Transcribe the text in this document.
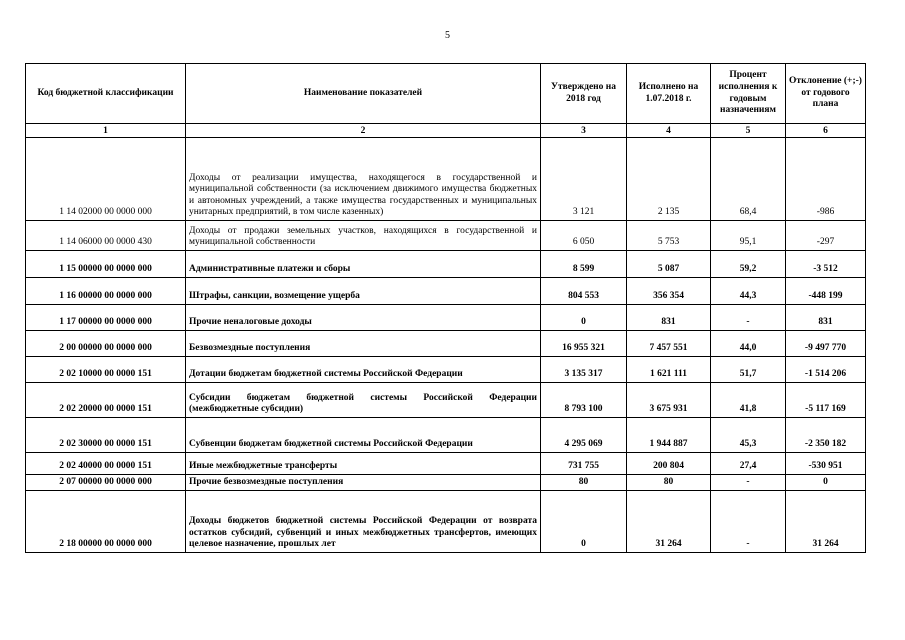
5
Код бюджетной классификации	Наименование показателей	Утверждено на 2018 год	Исполнено на 1.07.2018 г.	Процент исполнения к годовым назначениям	Отклонение (+;-) от годового плана
1	2	3	4	5	6
1 14 02000 00 0000 000	Доходы от реализации имущества, находящегося в государственной и муниципальной собственности (за исключением движимого имущества бюджетных и автономных учреждений, а также имущества государственных и муниципальных унитарных предприятий, в том числе казенных)	3 121	2 135	68,4	-986
1 14 06000 00 0000 430	Доходы от продажи земельных участков, находящихся в государственной и муниципальной собственности	6 050	5 753	95,1	-297
1 15 00000 00 0000 000	Административные платежи и сборы	8 599	5 087	59,2	-3 512
1 16 00000 00 0000 000	Штрафы, санкции, возмещение ущерба	804 553	356 354	44,3	-448 199
1 17 00000 00 0000 000	Прочие неналоговые доходы	0	831	-	831
2 00 00000 00 0000 000	Безвозмездные поступления	16 955 321	7 457 551	44,0	-9 497 770
2 02 10000 00 0000 151	Дотации бюджетам бюджетной системы Российской Федерации	3 135 317	1 621 111	51,7	-1 514 206
2 02 20000 00 0000 151	Субсидии бюджетам бюджетной системы Российской Федерации (межбюджетные субсидии)	8 793 100	3 675 931	41,8	-5 117 169
2 02 30000 00 0000 151	Субвенции бюджетам бюджетной системы Российской Федерации	4 295 069	1 944 887	45,3	-2 350 182
2 02 40000 00 0000 151	Иные межбюджетные трансферты	731 755	200 804	27,4	-530 951
2 07 00000 00 0000 000	Прочие безвозмездные поступления	80	80	-	0
2 18 00000 00 0000 000	Доходы бюджетов бюджетной системы Российской Федерации от возврата остатков субсидий, субвенций и иных межбюджетных трансфертов, имеющих целевое назначение, прошлых лет	0	31 264	-	31 264
